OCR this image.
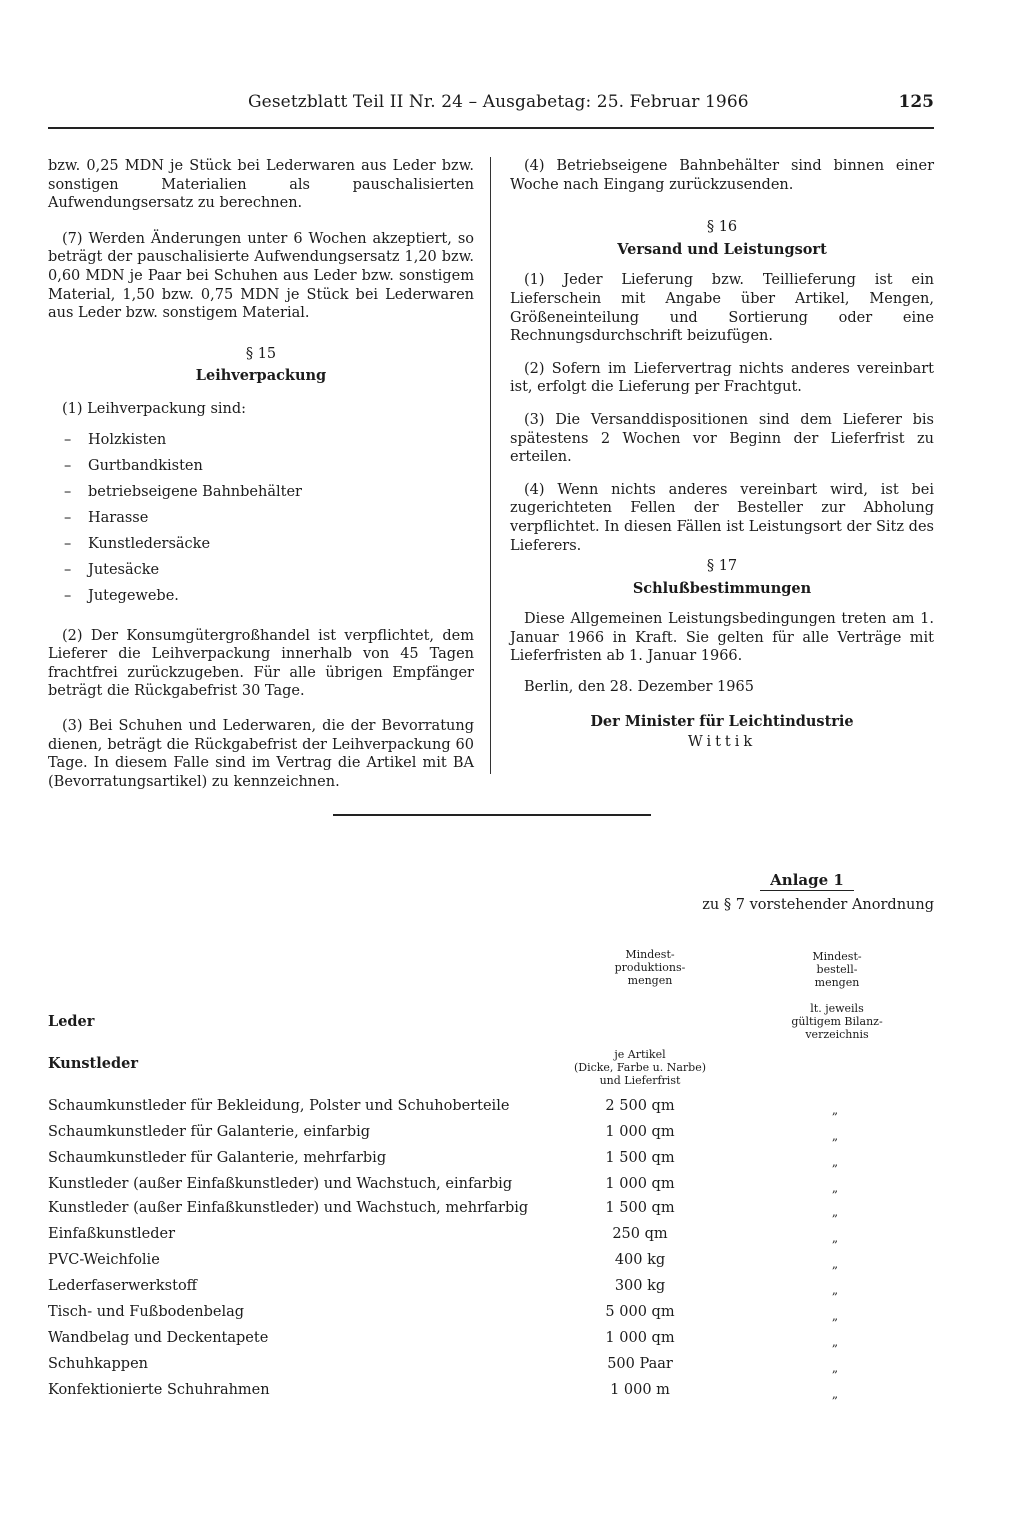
Gesetzblatt Teil II Nr. 24 – Ausgabetag: 25. Februar 1966	125

bzw. 0,25 MDN je Stück bei Lederwaren aus Leder bzw. sonstigen Materialien als pauschalisierten Aufwendungsersatz zu berechnen.

(7) Werden Änderungen unter 6 Wochen akzeptiert, so beträgt der pauschalisierte Aufwendungsersatz 1,20 bzw. 0,60 MDN je Paar bei Schuhen aus Leder bzw. sonstigem Material, 1,50 bzw. 0,75 MDN je Stück bei Lederwaren aus Leder bzw. sonstigem Material.

§ 15

Leihverpackung

(1) Leihverpackung sind:

– Holzkisten
– Gurtbandkisten
– betriebseigene Bahnbehälter
– Harasse
– Kunstledersäcke
– Jutesäcke
– Jutegewebe.

(2) Der Konsumgütergroßhandel ist verpflichtet, dem Lieferer die Leihverpackung innerhalb von 45 Tagen frachtfrei zurückzugeben. Für alle übrigen Empfänger beträgt die Rückgabefrist 30 Tage.

(3) Bei Schuhen und Lederwaren, die der Bevorratung dienen, beträgt die Rückgabefrist der Leihverpackung 60 Tage. In diesem Falle sind im Vertrag die Artikel mit BA (Bevorratungsartikel) zu kennzeichnen.

(4) Betriebseigene Bahnbehälter sind binnen einer Woche nach Eingang zurückzusenden.

§ 16

Versand und Leistungsort

(1) Jeder Lieferung bzw. Teillieferung ist ein Lieferschein mit Angabe über Artikel, Mengen, Größeneinteilung und Sortierung oder eine Rechnungsdurchschrift beizufügen.

(2) Sofern im Liefervertrag nichts anderes vereinbart ist, erfolgt die Lieferung per Frachtgut.

(3) Die Versanddispositionen sind dem Lieferer bis spätestens 2 Wochen vor Beginn der Lieferfrist zu erteilen.

(4) Wenn nichts anderes vereinbart wird, ist bei zugerichteten Fellen der Besteller zur Abholung verpflichtet. In diesen Fällen ist Leistungsort der Sitz des Lieferers.

§ 17

Schlußbestimmungen

Diese Allgemeinen Leistungsbedingungen treten am 1. Januar 1966 in Kraft. Sie gelten für alle Verträge mit Lieferfristen ab 1. Januar 1966.

Berlin, den 28. Dezember 1965

Der Minister für Leichtindustrie

Wittik

Anlage 1
zu § 7 vorstehender Anordnung
Mindest-
produktions-
mengen
Mindest-
bestell-
mengen
lt. jeweils
gültigem Bilanz-
verzeichnis
je Artikel
(Dicke, Farbe u. Narbe)
und Lieferfrist
Leder
Kunstleder
Schaumkunstleder für Bekleidung, Polster und Schuhoberteile	2 500 qm	„
Schaumkunstleder für Galanterie, einfarbig	1 000 qm	„
Schaumkunstleder für Galanterie, mehrfarbig	1 500 qm	„
Kunstleder (außer Einfaßkunstleder) und Wachstuch, einfarbig	1 000 qm	„
Kunstleder (außer Einfaßkunstleder) und Wachstuch, mehrfarbig	1 500 qm	„
Einfaßkunstleder	250 qm	„
PVC-Weichfolie	400 kg	„
Lederfaserwerkstoff	300 kg	„
Tisch- und Fußbodenbelag	5 000 qm	„
Wandbelag und Deckentapete	1 000 qm	„
Schuhkappen	500 Paar	„
Konfektionierte Schuhrahmen	1 000 m	„
